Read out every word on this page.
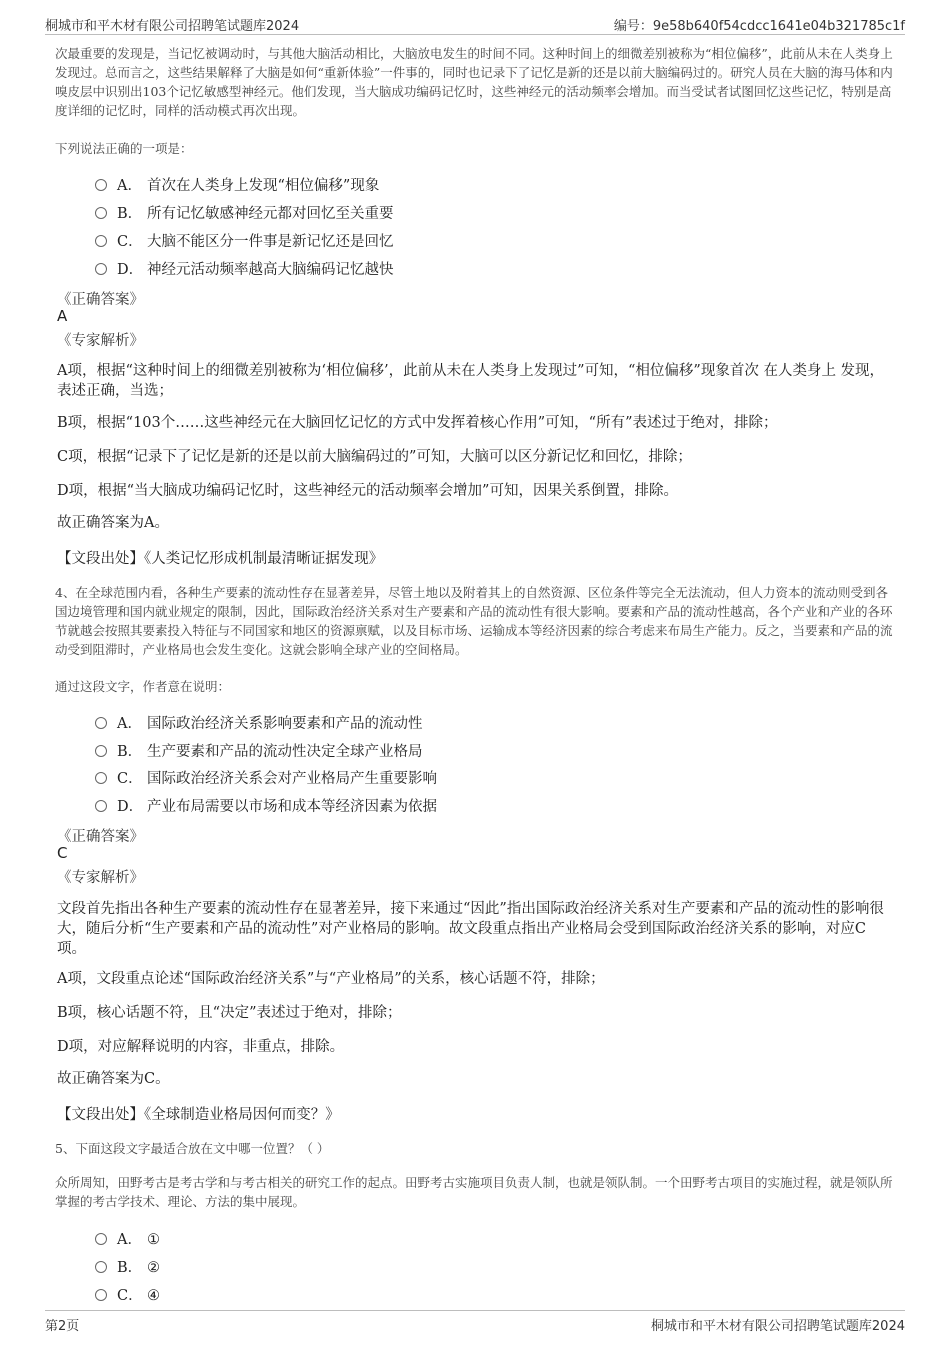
桐城市和平木材有限公司招聘笔试题库2024	编号：9e58b640f54cdcc1641e04b321785c1f
次最重要的发现是，当记忆被调动时，与其他大脑活动相比，大脑放电发生的时间不同。这种时间上的细微差别被称为“相位偏移”，此前从未在人类身上发现过。总而言之，这些结果解释了大脑是如何“重新体验”一件事的，同时也记录下了记忆是新的还是以前大脑编码过的。研究人员在大脑的海马体和内嗅皮层中识别出103个记忆敏感型神经元。他们发现，当大脑成功编码记忆时，这些神经元的活动频率会增加。而当受试者试图回忆这些记忆，特别是高度详细的记忆时，同样的活动模式再次出现。
下列说法正确的一项是：
A． 首次在人类身上发现“相位偏移”现象
B． 所有记忆敏感神经元都对回忆至关重要
C． 大脑不能区分一件事是新记忆还是回忆
D． 神经元活动频率越高大脑编码记忆越快
《正确答案》
A
《专家解析》
A项，根据“这种时间上的细微差别被称为‘相位偏移’，此前从未在人类身上发现过”可知，“相位偏移”现象首次 在人类身上 发现，表述正确，当选；
B项，根据“103个……这些神经元在大脑回忆记忆的方式中发挥着核心作用”可知，“所有”表述过于绝对，排除；
C项，根据“记录下了记忆是新的还是以前大脑编码过的”可知，大脑可以区分新记忆和回忆，排除；
D项，根据“当大脑成功编码记忆时，这些神经元的活动频率会增加”可知，因果关系倒置，排除。
故正确答案为A。
【文段出处】《人类记忆形成机制最清晰证据发现》
4、在全球范围内看，各种生产要素的流动性存在显著差异，尽管土地以及附着其上的自然资源、区位条件等完全无法流动，但人力资本的流动则受到各国边境管理和国内就业规定的限制，因此，国际政治经济关系对生产要素和产品的流动性有很大影响。要素和产品的流动性越高，各个产业和产业的各环节就越会按照其要素投入特征与不同国家和地区的资源禀赋，以及目标市场、运输成本等经济因素的综合考虑来布局生产能力。反之，当要素和产品的流动受到阻滞时，产业格局也会发生变化。这就会影响全球产业的空间格局。
通过这段文字，作者意在说明：
A． 国际政治经济关系影响要素和产品的流动性
B． 生产要素和产品的流动性决定全球产业格局
C． 国际政治经济关系会对产业格局产生重要影响
D． 产业布局需要以市场和成本等经济因素为依据
《正确答案》
C
《专家解析》
文段首先指出各种生产要素的流动性存在显著差异，接下来通过“因此”指出国际政治经济关系对生产要素和产品的流动性的影响很大，随后分析“生产要素和产品的流动性”对产业格局的影响。故文段重点指出产业格局会受到国际政治经济关系的影响，对应C项。
A项，文段重点论述“国际政治经济关系”与“产业格局”的关系，核心话题不符，排除；
B项，核心话题不符，且“决定”表述过于绝对，排除；
D项，对应解释说明的内容，非重点，排除。
故正确答案为C。
【文段出处】《全球制造业格局因何而变？》
5、下面这段文字最适合放在文中哪一位置？（ ）
众所周知，田野考古是考古学和与考古相关的研究工作的起点。田野考古实施项目负责人制，也就是领队制。一个田野考古项目的实施过程，就是领队所掌握的考古学技术、理论、方法的集中展现。
A． ①
B． ②
C． ④
第2页	桐城市和平木材有限公司招聘笔试题库2024
